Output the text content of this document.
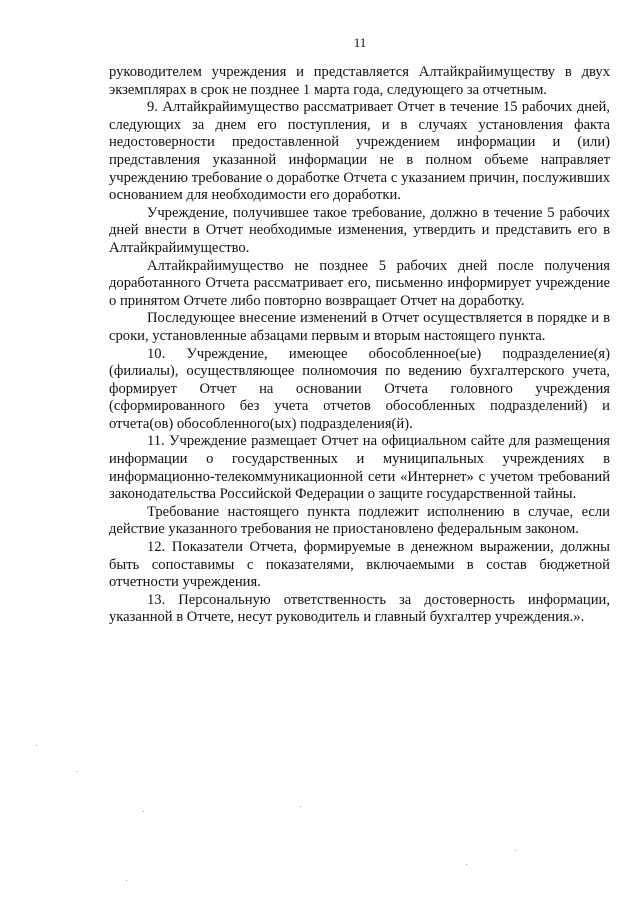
11

руководителем учреждения и представляется Алтайкрайимуществу в двух экземплярах в срок не позднее 1 марта года, следующего за отчетным.

9. Алтайкрайимущество рассматривает Отчет в течение 15 рабочих дней, следующих за днем его поступления, и в случаях установления факта недостоверности предоставленной учреждением информации и (или) представления указанной информации не в полном объеме направляет учреждению требование о доработке Отчета с указанием причин, послуживших основанием для необходимости его доработки.

Учреждение, получившее такое требование, должно в течение 5 рабочих дней внести в Отчет необходимые изменения, утвердить и представить его в Алтайкрайимущество.

Алтайкрайимущество не позднее 5 рабочих дней после получения доработанного Отчета рассматривает его, письменно информирует учреждение о принятом Отчете либо повторно возвращает Отчет на доработку.

Последующее внесение изменений в Отчет осуществляется в порядке и в сроки, установленные абзацами первым и вторым настоящего пункта.

10. Учреждение, имеющее обособленное(ые) подразделение(я) (филиалы), осуществляющее полномочия по ведению бухгалтерского учета, формирует Отчет на основании Отчета головного учреждения (сформированного без учета отчетов обособленных подразделений) и отчета(ов) обособленного(ых) подразделения(й).

11. Учреждение размещает Отчет на официальном сайте для размещения информации о государственных и муниципальных учреждениях в информационно-телекоммуникационной сети «Интернет» с учетом требований законодательства Российской Федерации о защите государственной тайны.

Требование настоящего пункта подлежит исполнению в случае, если действие указанного требования не приостановлено федеральным законом.

12. Показатели Отчета, формируемые в денежном выражении, должны быть сопоставимы с показателями, включаемыми в состав бюджетной отчетности учреждения.

13. Персональную ответственность за достоверность информации, указанной в Отчете, несут руководитель и главный бухгалтер учреждения.».
